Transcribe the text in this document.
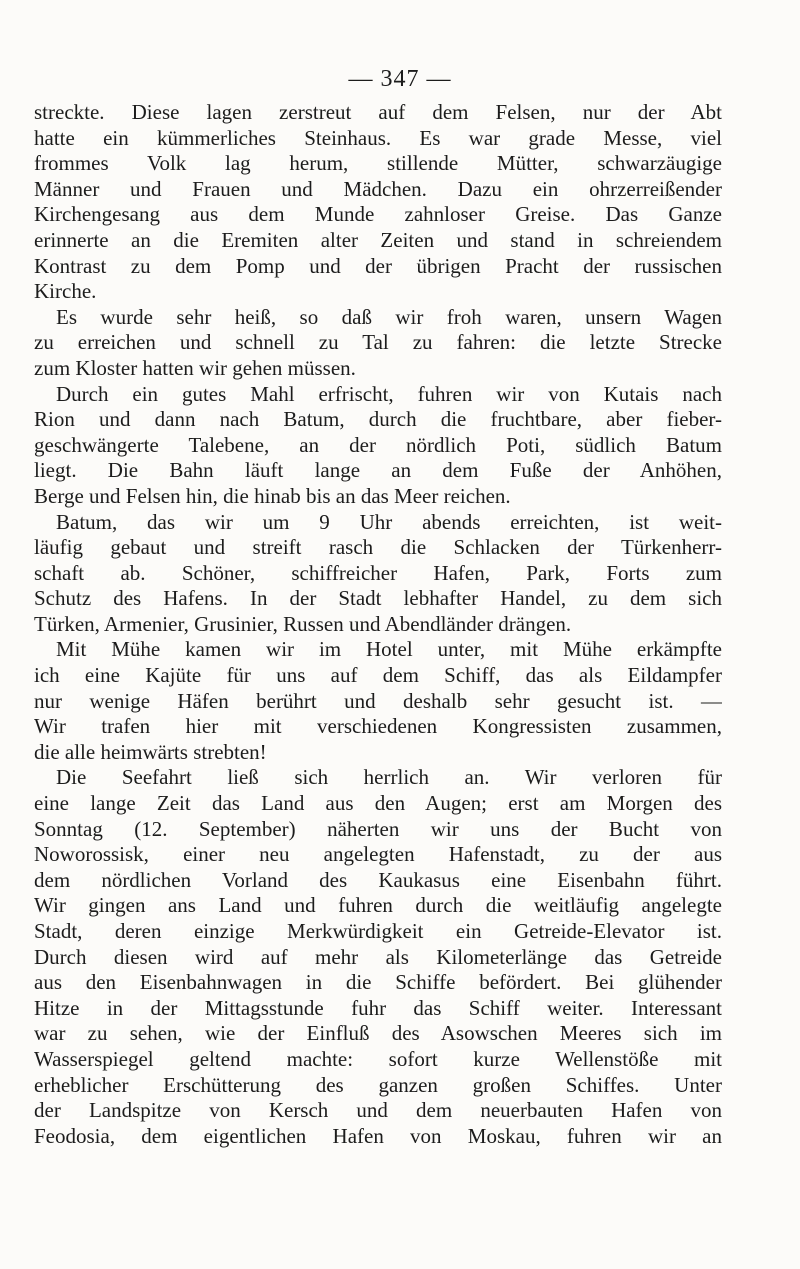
— 347 —
streckte. Diese lagen zerstreut auf dem Felsen, nur der Abt
hatte ein kümmerliches Steinhaus. Es war grade Messe, viel
frommes Volk lag herum, stillende Mütter, schwarzäugige
Männer und Frauen und Mädchen. Dazu ein ohrzerreißender
Kirchengesang aus dem Munde zahnloser Greise. Das Ganze
erinnerte an die Eremiten alter Zeiten und stand in schreiendem
Kontrast zu dem Pomp und der übrigen Pracht der russischen
Kirche.
Es wurde sehr heiß, so daß wir froh waren, unsern Wagen
zu erreichen und schnell zu Tal zu fahren: die letzte Strecke
zum Kloster hatten wir gehen müssen.
Durch ein gutes Mahl erfrischt, fuhren wir von Kutais nach
Rion und dann nach Batum, durch die fruchtbare, aber fieber-
geschwängerte Talebene, an der nördlich Poti, südlich Batum
liegt. Die Bahn läuft lange an dem Fuße der Anhöhen,
Berge und Felsen hin, die hinab bis an das Meer reichen.
Batum, das wir um 9 Uhr abends erreichten, ist weit-
läufig gebaut und streift rasch die Schlacken der Türkenherr-
schaft ab. Schöner, schiffreicher Hafen, Park, Forts zum
Schutz des Hafens. In der Stadt lebhafter Handel, zu dem sich
Türken, Armenier, Grusinier, Russen und Abendländer drängen.
Mit Mühe kamen wir im Hotel unter, mit Mühe erkämpfte
ich eine Kajüte für uns auf dem Schiff, das als Eildampfer
nur wenige Häfen berührt und deshalb sehr gesucht ist. —
Wir trafen hier mit verschiedenen Kongressisten zusammen,
die alle heimwärts strebten!
Die Seefahrt ließ sich herrlich an. Wir verloren für
eine lange Zeit das Land aus den Augen; erst am Morgen des
Sonntag (12. September) näherten wir uns der Bucht von
Noworossisk, einer neu angelegten Hafenstadt, zu der aus
dem nördlichen Vorland des Kaukasus eine Eisenbahn führt.
Wir gingen ans Land und fuhren durch die weitläufig angelegte
Stadt, deren einzige Merkwürdigkeit ein Getreide-Elevator ist.
Durch diesen wird auf mehr als Kilometerlänge das Getreide
aus den Eisenbahnwagen in die Schiffe befördert. Bei glühender
Hitze in der Mittagsstunde fuhr das Schiff weiter. Interessant
war zu sehen, wie der Einfluß des Asowschen Meeres sich im
Wasserspiegel geltend machte: sofort kurze Wellenstöße mit
erheblicher Erschütterung des ganzen großen Schiffes. Unter
der Landspitze von Kersch und dem neuerbauten Hafen von
Feodosia, dem eigentlichen Hafen von Moskau, fuhren wir an
